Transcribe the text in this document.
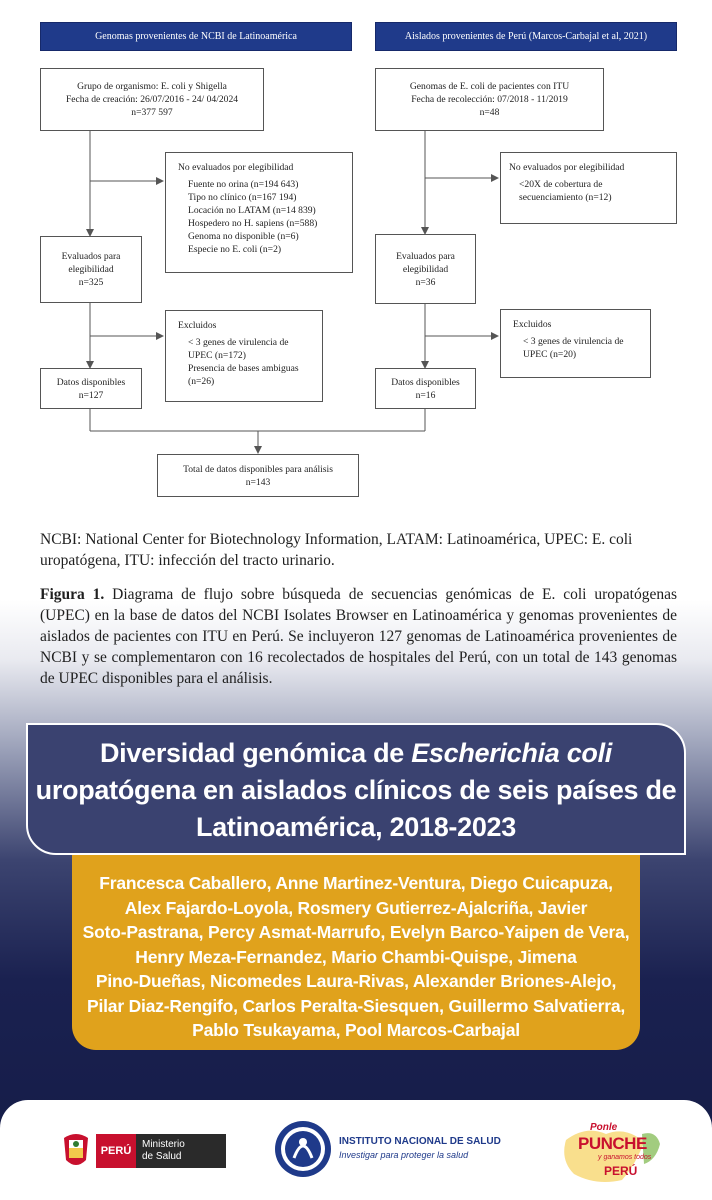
Genomas provenientes de NCBI de Latinoamérica	Aislados provenientes de Perú (Marcos-Carbajal et al, 2021)
Grupo de organismo: E. coli y Shigella
Fecha de creación: 26/07/2016 - 24/ 04/2024
n=377 597
No evaluados por elegibilidad
Fuente no orina (n=194 643)
Tipo no clínico (n=167 194)
Locación no LATAM (n=14 839)
Hospedero no H. sapiens (n=588)
Genoma no disponible (n=6)
Especie no E. coli (n=2)
Evaluados para
elegibilidad
n=325
Excluidos
< 3 genes de virulencia de UPEC (n=172)
Presencia de bases ambiguas (n=26)
Datos disponibles
n=127
Genomas de E. coli de pacientes con ITU
Fecha de recolección: 07/2018 - 11/2019
n=48
No evaluados por elegibilidad
<20X de cobertura de secuenciamiento (n=12)
Evaluados para
elegibilidad
n=36
Excluidos
< 3 genes de virulencia de UPEC (n=20)
Datos disponibles
n=16
Total de datos disponibles para análisis
n=143
NCBI: National Center for Biotechnology Information, LATAM: Latinoamérica, UPEC: E. coli uropatógena, ITU: infección del tracto urinario.
Figura 1. Diagrama de flujo sobre búsqueda de secuencias genómicas de E. coli uropatógenas (UPEC) en la base de datos del NCBI Isolates Browser en Latinoamérica y genomas provenientes de aislados de pacientes con ITU en Perú. Se incluyeron 127 genomas de Latinoamérica provenientes de NCBI y se complementaron con 16 recolectados de hospitales del Perú, con un total de 143 genomas de UPEC disponibles para el análisis.
Diversidad genómica de Escherichia coli
uropatógena en aislados clínicos de seis países de
Latinoamérica, 2018-2023
Francesca Caballero, Anne Martinez-Ventura, Diego Cuicapuza,
Alex Fajardo-Loyola, Rosmery Gutierrez-Ajalcriña, Javier
Soto-Pastrana, Percy Asmat-Marrufo, Evelyn Barco-Yaipen de Vera,
Henry Meza-Fernandez, Mario Chambi-Quispe, Jimena
Pino-Dueñas, Nicomedes Laura-Rivas, Alexander Briones-Alejo,
Pilar Diaz-Rengifo, Carlos Peralta-Siesquen, Guillermo Salvatierra,
Pablo Tsukayama, Pool Marcos-Carbajal
PERÚ
Ministerio
de Salud
INSTITUTO NACIONAL DE SALUD
Investigar para proteger la salud
Ponle
PUNCHE
y ganamos todos
PERÚ
